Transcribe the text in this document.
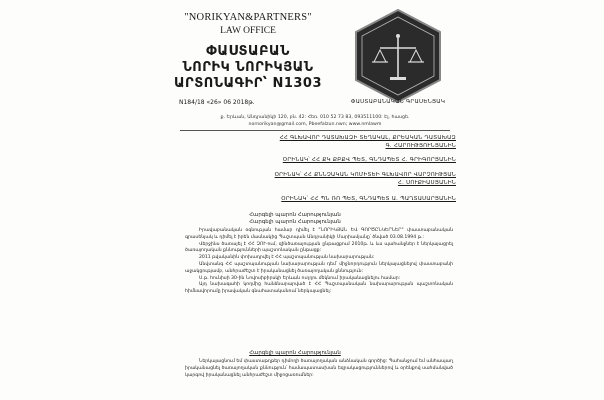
"NORIKYAN&PARTNERS"
LAW OFFICE
ՓԱՍՏԱԲԱՆ
ՆՈՐԻԿ ՆՈՐԻԿՅԱՆ
ԱՐՏՈՆԱԳԻՐ՝ N1303
ՓԱՍՏԱԲԱՆԱԿԱՆ ԳՐԱՍԵՆՅԱԿ
N184/18 «26» 06 2018թ.
ք. Երևան, Անդրանիկի 120, բն. 42: Հեռ. 010 52 73 83, 093511100: Էլ. հասցե.
nornorikyan@gmail.com, Pbeefalzun.nwn; www.nmlawm
ՀՀ ԳԼԽԱՎՈՐ ԴԱՏԱԽԱԶԻ ՏԵՂԱԿԱԼ, ՔՐԵԱԿԱՆ ԴԱՏԱԽԱԶ
Գ. ՀԱՐՈՒԹՅՈՒՆՅԱՆԻՆ
ՕՐԻՆԱԿ՝ ՀՀ ՔԿ ՔԲՔՎ ՊԵՏ, ԳՆԴԱՊԵՏ Հ. ԳՐԻԳՈՐՅԱՆԻՆ
ՕՐԻՆԱԿ՝ ՀՀ ՔՆՆՉԱԿԱՆ ԿՈՄԻՏԵԻ ԳԼԽԱՎՈՐ ՎԱՐՉՈՒԹՅԱՆ
Հ. ՍՈՒՔԻԱՍՅԱՆԻՆ
ՕՐԻՆԱԿ՝ ՀՀ ՊՆ ՌՈ ՊԵՏ, ԳՆԴԱՊԵՏ Ա. ՊԱՂՏԱՍԱՐՅԱՆԻՆ
Հարգելի պարոն Հարությունյան
Հարգելի պարոն Հարությունյան

Իրավաբանական օգնության համար դիմել է "ՆՈՐԻԿՅԱՆ ԵՎ ԳՈՐԾԸՆԿԵՐՆԵՐ" փաստաբանական գրասենյակ և դիմել է իրեն մասնակից Պաշտպան Անդրանիկի Մարիամյանը՝ ծնված 03.08.1994 թ.:

Վերջինս ծառայել է ՀՀ ԶՈՒ-ում, զինծառայության ընթացքում 2010թ. և ևս պահանջներ է ներկայացրել ծառայողական քննությունների պաշտոնական ընթացք:

2011 թվականին փոխադրվել է ՀՀ պաշտպանության նախարարության:

Անվտանգ ՀՀ պաշտպանության նախարարության դեմ՝ միջնորդություն ներկայացնելով փաստաբանի աջակցությամբ, անհրաժեշտ է իրականացնել ծառայողական քննություն:

Ս.թ. հունիսի 30-ին Նովոսիբիրսկի Երևան ուղղու մեկնում իրականացնելու համար:

Այդ նախագահի կողմից հանձնարարված է ՀՀ Պաշտպանական նախարարության պաշտոնական հիմնավորումը իրավական գնահատականում ներկայացնել:

Հարգելի պարոն Հարությունյան

Ներկայացնում եմ փաստաթղթեր դիմողի ծառայողական անձնական գործից: Պահանջում եմ անհապաղ իրականացնել ծառայողական քննություն՝ համապատասխան եզրակացություններով և օրենքով սահմանված կարգով իրականացնել անհրաժեշտ միջոցառումներ:
